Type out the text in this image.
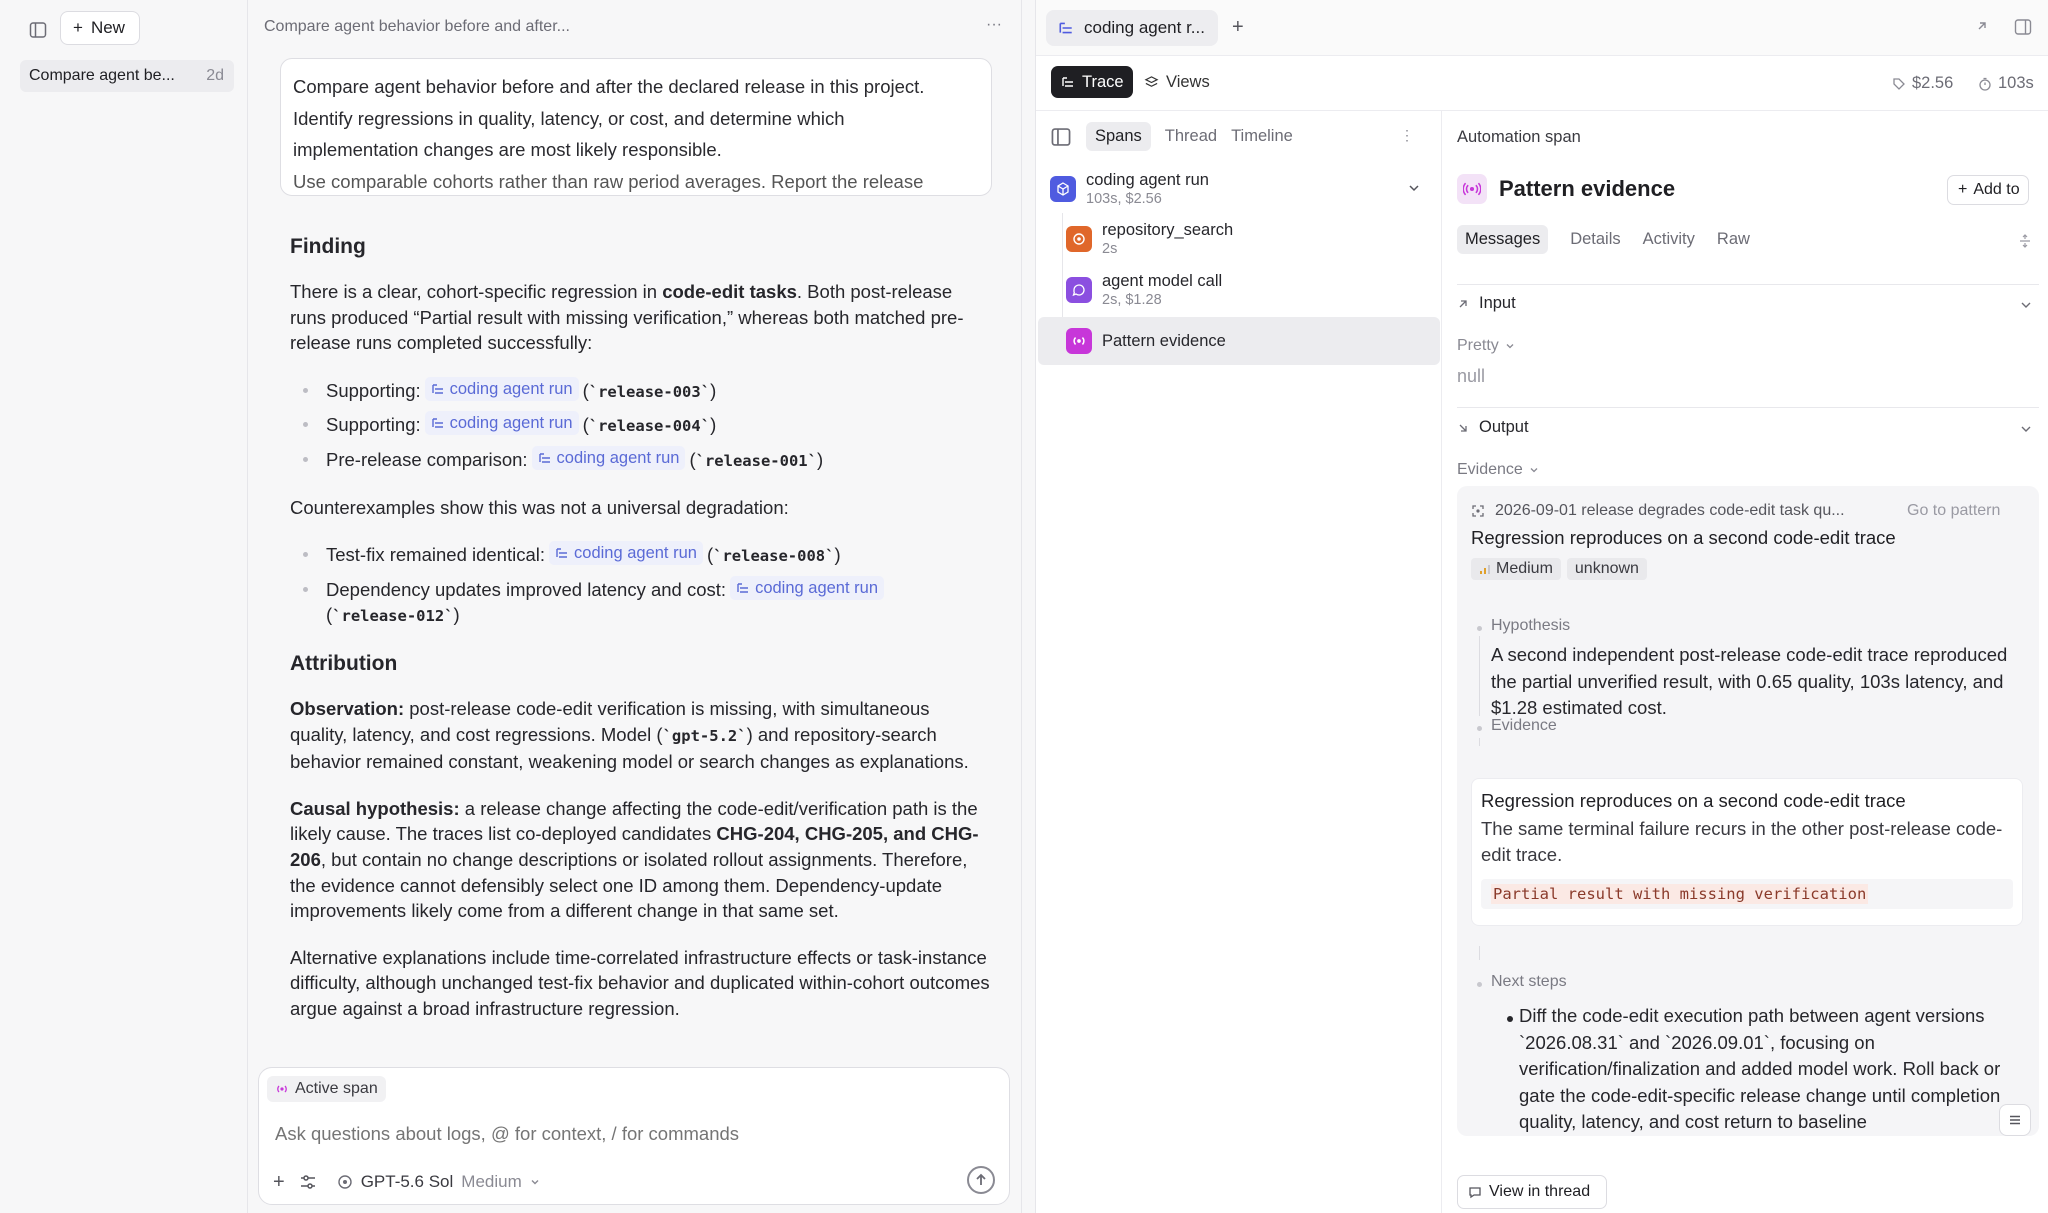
+ New
Compare agent be...	2d
Compare agent behavior before and after...	···

Compare agent behavior before and after the declared release in this project.

Identify regressions in quality, latency, or cost, and determine which

implementation changes are most likely responsible.

Use comparable cohorts rather than raw period averages. Report the release

Finding

There is a clear, cohort-specific regression in code-edit tasks. Both post-release runs produced “Partial result with missing verification,” whereas both matched pre-release runs completed successfully:

Supporting: coding agent run (`release-003`)
Supporting: coding agent run (`release-004`)
Pre-release comparison: coding agent run (`release-001`)

Counterexamples show this was not a universal degradation:

Test-fix remained identical: coding agent run (`release-008`)
Dependency updates improved latency and cost: coding agent run

(`release-012`)
Attribution

Observation: post-release code-edit verification is missing, with simultaneous quality, latency, and cost regressions. Model (`gpt-5.2`) and repository-search behavior remained constant, weakening model or search changes as explanations.

Causal hypothesis: a release change affecting the code-edit/verification path is the likely cause. The traces list co-deployed candidates CHG-204, CHG-205, and CHG-206, but contain no change descriptions or isolated rollout assignments. Therefore, the evidence cannot defensibly select one ID among them. Dependency-update improvements likely come from a different change in that same set.

Alternative explanations include time-correlated infrastructure effects or task-instance difficulty, although unchanged test-fix behavior and duplicated within-cohort outcomes argue against a broad infrastructure regression.

Active span
Ask questions about logs, @ for context, / for commands
+	GPT-5.6 Sol Medium
coding agent r... +
Trace	Views	$2.56	103s
Spans	Thread Timeline	⋮
coding agent run
103s, $2.56
repository_search
2s
agent model call
2s, $1.28
Pattern evidence
Automation span
Pattern evidence	+ Add to
Messages	Details Activity Raw
Input
Pretty
null
Output
Evidence
2026-09-01 release degrades code-edit task qu...	Go to pattern
Regression reproduces on a second code-edit trace
Medium	unknown
Hypothesis
A second independent post-release code-edit trace reproduced the partial unverified result, with 0.65 quality, 103s latency, and $1.28 estimated cost.
Evidence
Regression reproduces on a second code-edit trace
The same terminal failure recurs in the other post-release code-edit trace.
Partial result with missing verification
Next steps
Diff the code-edit execution path between agent versions `2026.08.31` and `2026.09.01`, focusing on verification/finalization and added model work. Roll back or gate the code-edit-specific release change until completion quality, latency, and cost return to baseline
View in thread
